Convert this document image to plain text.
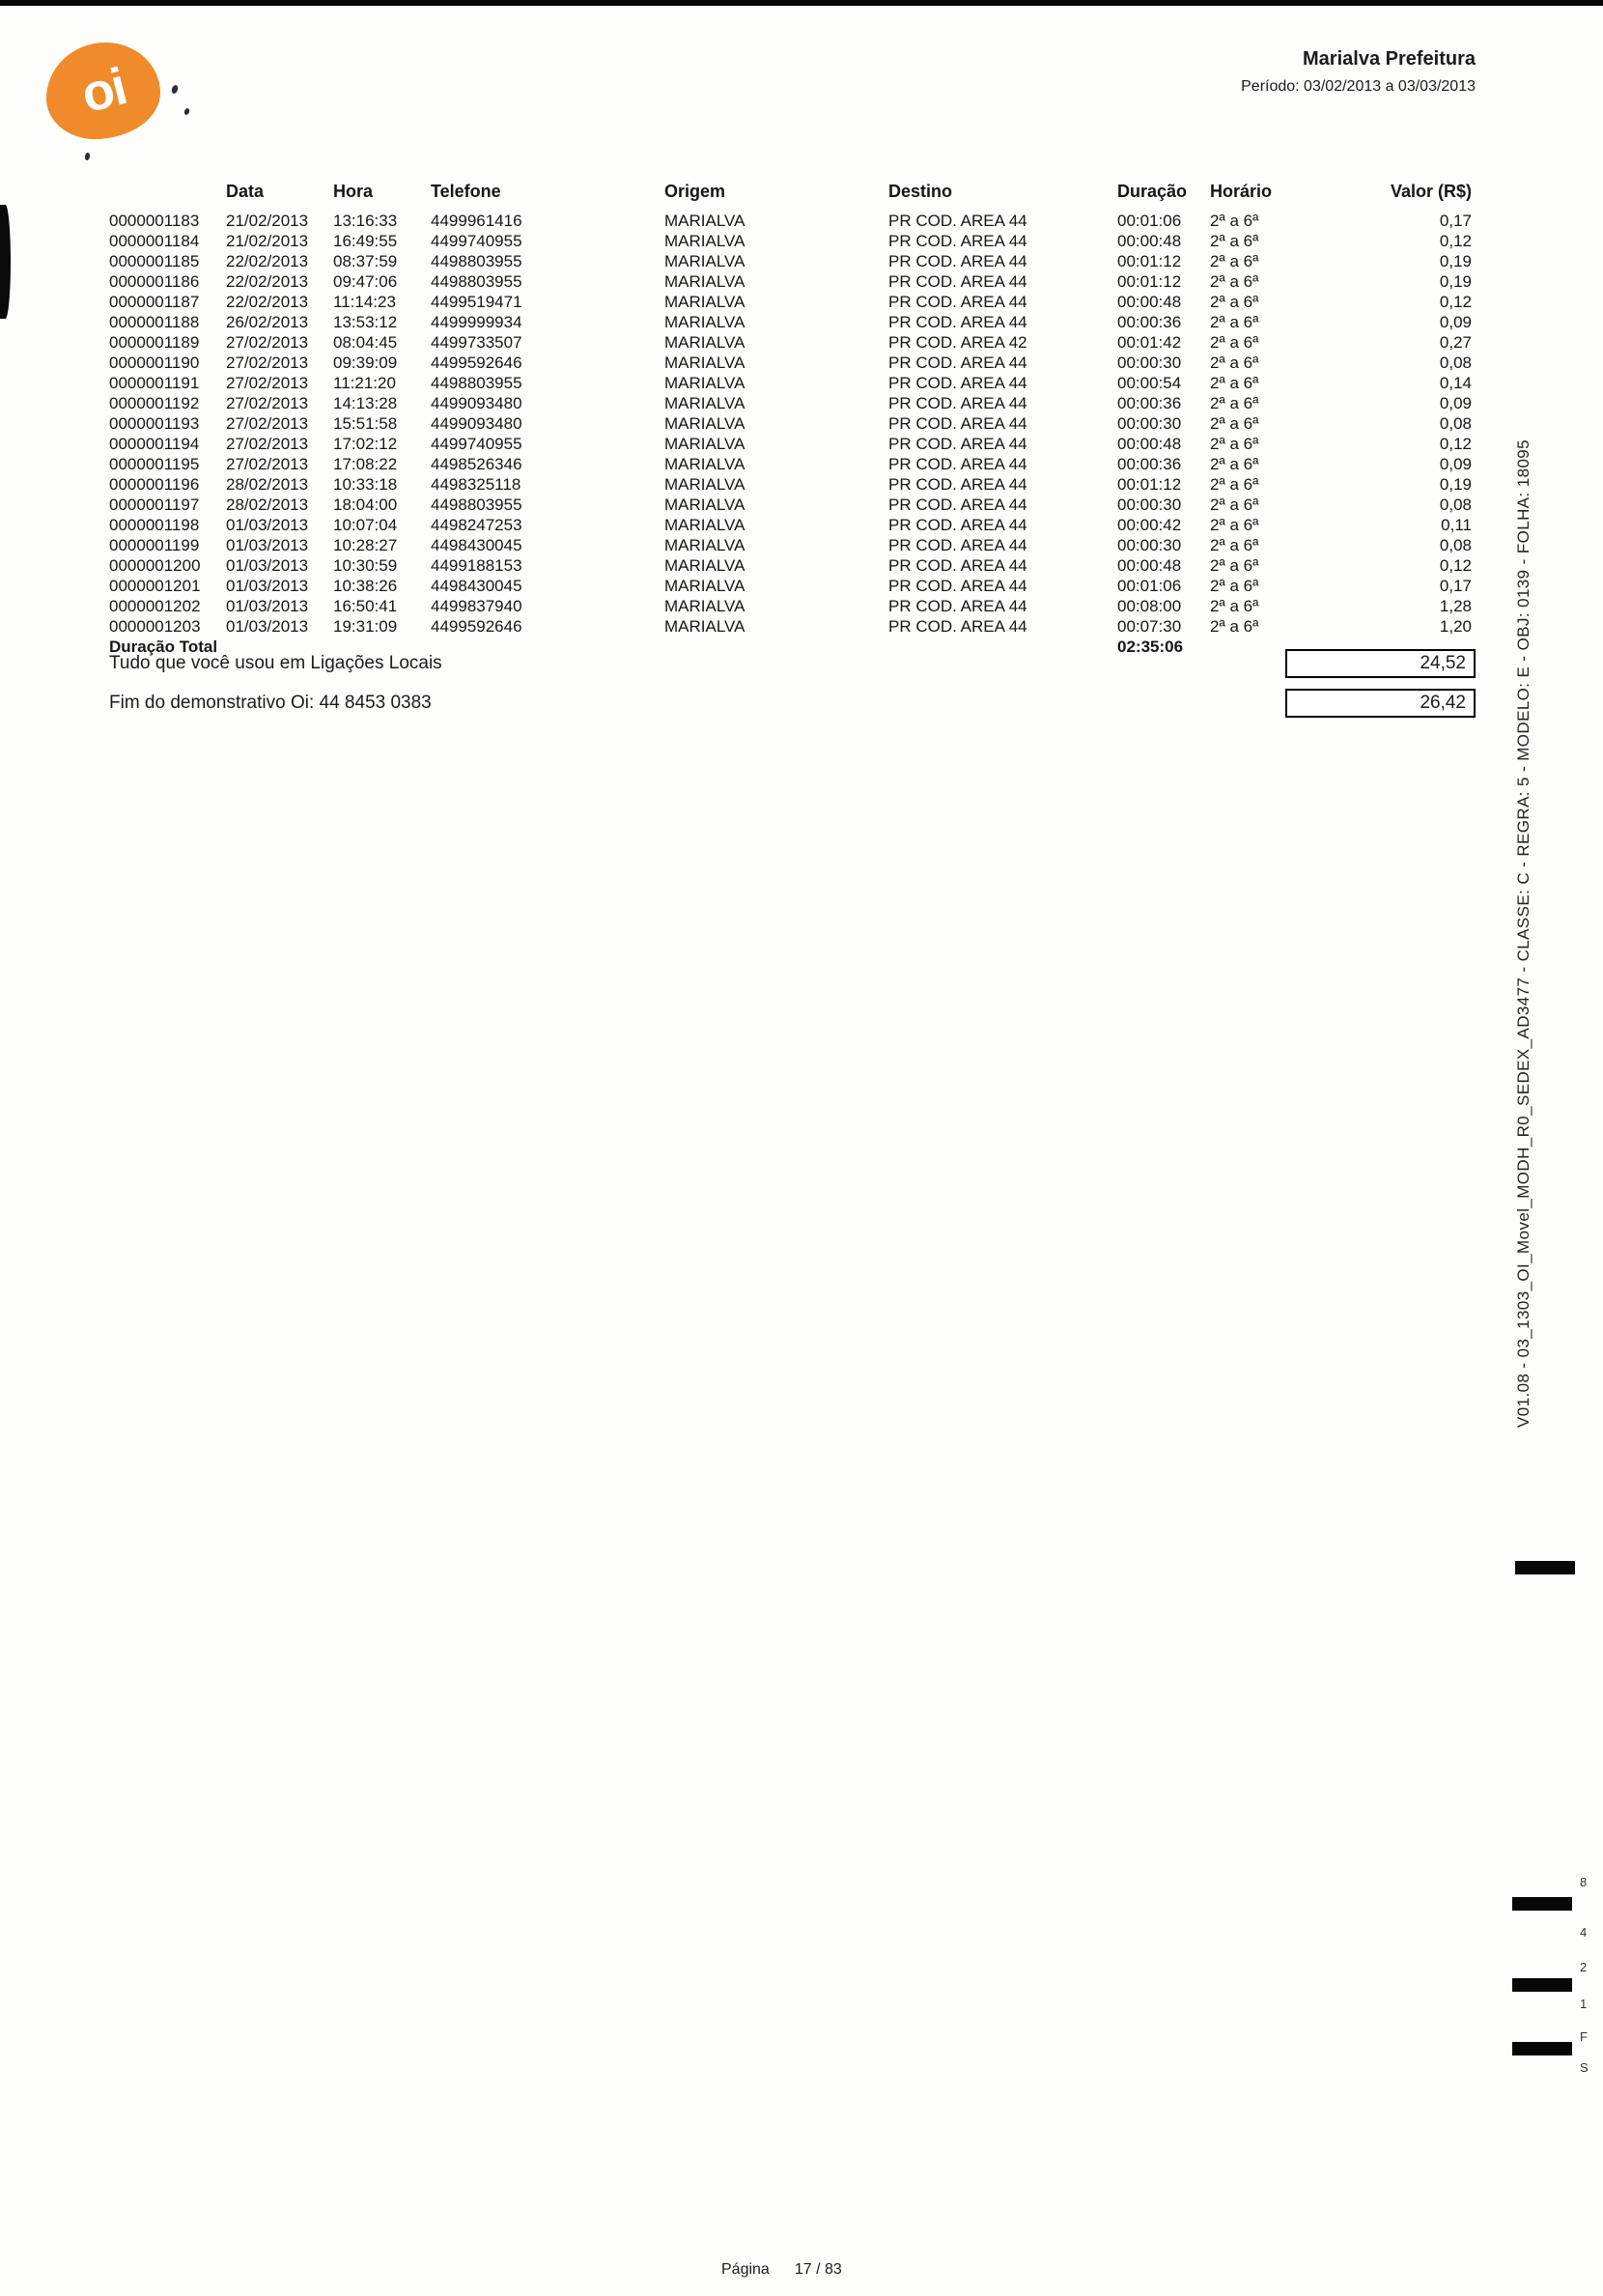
oi	Marialva Prefeitura
Período: 03/02/2013 a 03/03/2013
	Data	Hora	Telefone	Origem	Destino	Duração	Horário	Valor (R$)
0000001183	21/02/2013	13:16:33	4499961416	MARIALVA	PR COD. AREA 44	00:01:06	2ª a 6ª	0,17
0000001184	21/02/2013	16:49:55	4499740955	MARIALVA	PR COD. AREA 44	00:00:48	2ª a 6ª	0,12
0000001185	22/02/2013	08:37:59	4498803955	MARIALVA	PR COD. AREA 44	00:01:12	2ª a 6ª	0,19
0000001186	22/02/2013	09:47:06	4498803955	MARIALVA	PR COD. AREA 44	00:01:12	2ª a 6ª	0,19
0000001187	22/02/2013	11:14:23	4499519471	MARIALVA	PR COD. AREA 44	00:00:48	2ª a 6ª	0,12
0000001188	26/02/2013	13:53:12	4499999934	MARIALVA	PR COD. AREA 44	00:00:36	2ª a 6ª	0,09
0000001189	27/02/2013	08:04:45	4499733507	MARIALVA	PR COD. AREA 42	00:01:42	2ª a 6ª	0,27
0000001190	27/02/2013	09:39:09	4499592646	MARIALVA	PR COD. AREA 44	00:00:30	2ª a 6ª	0,08
0000001191	27/02/2013	11:21:20	4498803955	MARIALVA	PR COD. AREA 44	00:00:54	2ª a 6ª	0,14
0000001192	27/02/2013	14:13:28	4499093480	MARIALVA	PR COD. AREA 44	00:00:36	2ª a 6ª	0,09
0000001193	27/02/2013	15:51:58	4499093480	MARIALVA	PR COD. AREA 44	00:00:30	2ª a 6ª	0,08
0000001194	27/02/2013	17:02:12	4499740955	MARIALVA	PR COD. AREA 44	00:00:48	2ª a 6ª	0,12
0000001195	27/02/2013	17:08:22	4498526346	MARIALVA	PR COD. AREA 44	00:00:36	2ª a 6ª	0,09
0000001196	28/02/2013	10:33:18	4498325118	MARIALVA	PR COD. AREA 44	00:01:12	2ª a 6ª	0,19
0000001197	28/02/2013	18:04:00	4498803955	MARIALVA	PR COD. AREA 44	00:00:30	2ª a 6ª	0,08
0000001198	01/03/2013	10:07:04	4498247253	MARIALVA	PR COD. AREA 44	00:00:42	2ª a 6ª	0,11
0000001199	01/03/2013	10:28:27	4498430045	MARIALVA	PR COD. AREA 44	00:00:30	2ª a 6ª	0,08
0000001200	01/03/2013	10:30:59	4499188153	MARIALVA	PR COD. AREA 44	00:00:48	2ª a 6ª	0,12
0000001201	01/03/2013	10:38:26	4498430045	MARIALVA	PR COD. AREA 44	00:01:06	2ª a 6ª	0,17
0000001202	01/03/2013	16:50:41	4499837940	MARIALVA	PR COD. AREA 44	00:08:00	2ª a 6ª	1,28
0000001203	01/03/2013	19:31:09	4499592646	MARIALVA	PR COD. AREA 44	00:07:30	2ª a 6ª	1,20
Duração Total						02:35:06		
Tudo que você usou em Ligações Locais	24,52
Fim do demonstrativo Oi: 44 8453 0383	26,42	V01.08 - 03_1303_OI_Movel_MODH_R0_SEDEX_AD3477 - CLASSE: C - REGRA: 5 - MODELO: E - OBJ: 0139 - FOLHA: 18095
8
4
2
1
F
S
Página 17 / 83
